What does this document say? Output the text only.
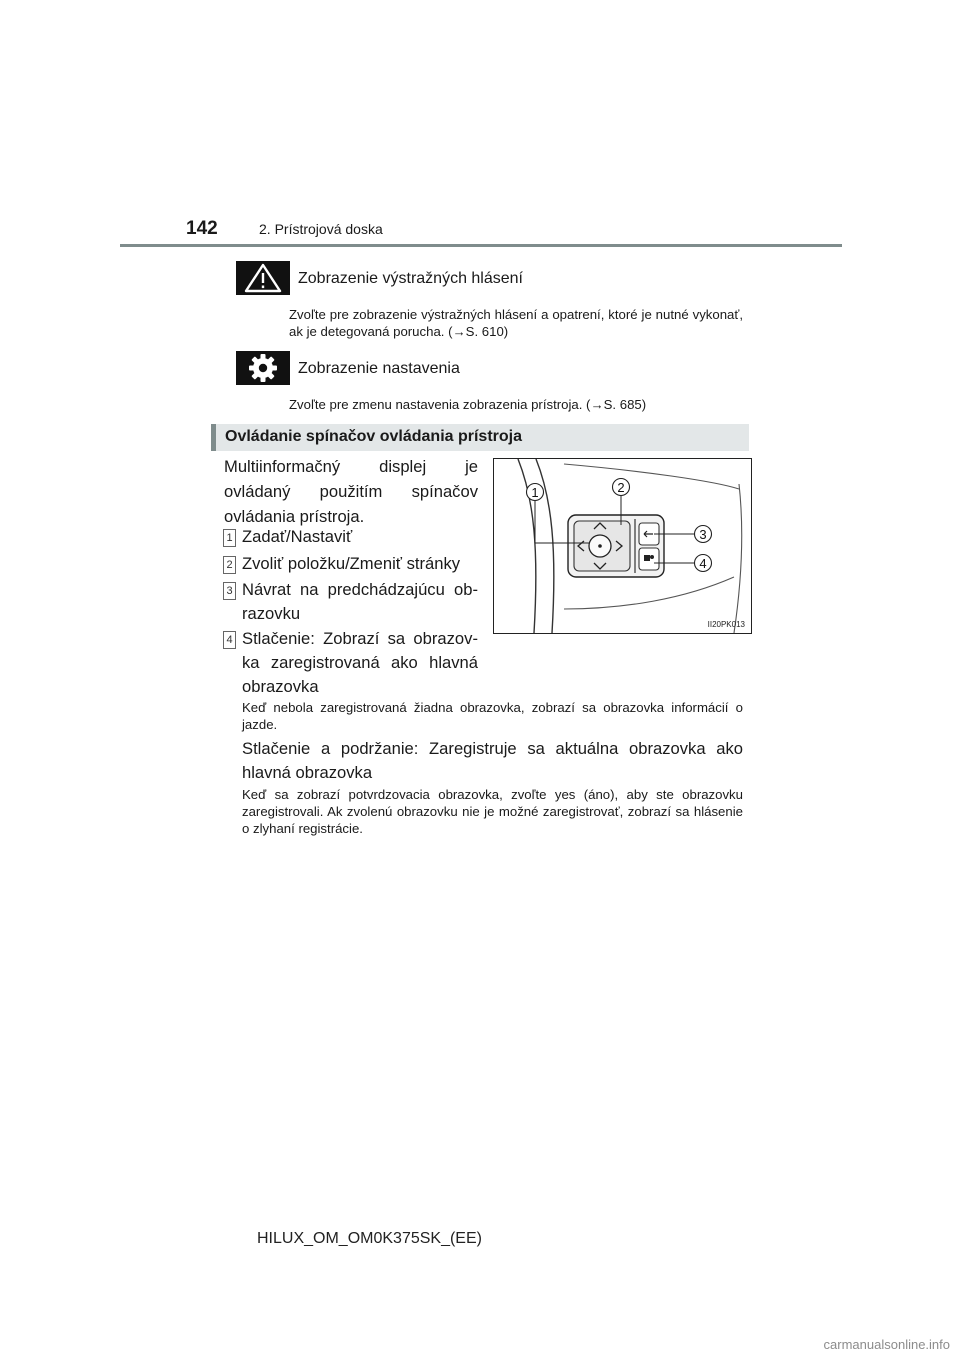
142	2. Prístrojová doska
Zobrazenie výstražných hlásení
Zvoľte pre zobrazenie výstražných hlásení a opatrení, ktoré je nutné vykonať, ak je detegovaná porucha. (→S. 610)
Zobrazenie nastavenia
Zvoľte pre zmenu nastavenia zobrazenia prístroja. (→S. 685)
Ovládanie spínačov ovládania prístroja
Multiinformačný displej je ovládaný použitím spínačov ovládania prístroja.
1 Zadať/Nastaviť
2 Zvoliť položku/Zmeniť stránky
3 Návrat na predchádzajúcu obrazovku
4 Stlačenie: Zobrazí sa obrazovka zaregistrovaná ako hlavná obrazovka
1	2
3
4
II20PK013
Keď nebola zaregistrovaná žiadna obrazovka, zobrazí sa obrazovka informácií o jazde.
Stlačenie a podržanie: Zaregistruje sa aktuálna obrazovka ako hlavná obrazovka
Keď sa zobrazí potvrdzovacia obrazovka, zvoľte yes (áno), aby ste obrazovku zaregistrovali. Ak zvolenú obrazovku nie je možné zaregistrovať, zobrazí sa hlásenie o zlyhaní registrácie.
HILUX_OM_OM0K375SK_(EE)
carmanualsonline.info
